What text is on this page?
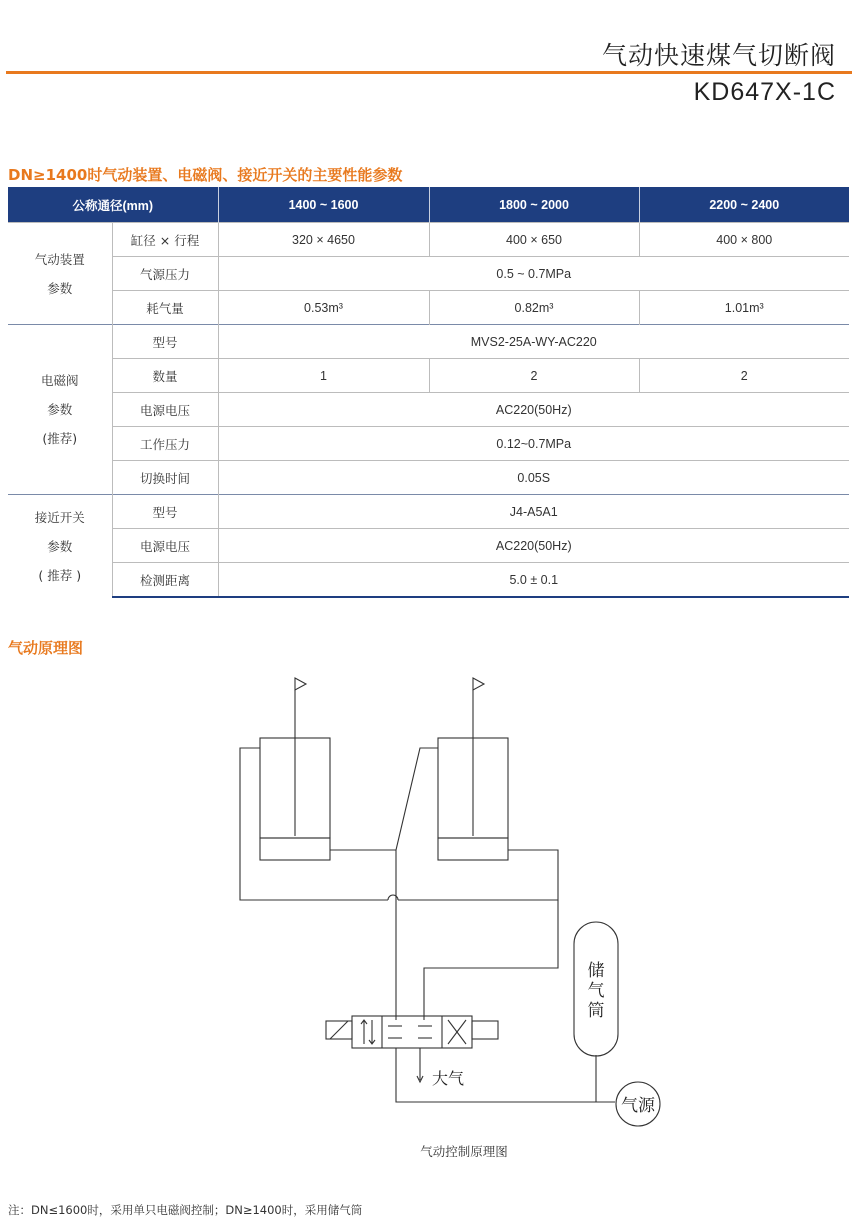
气动快速煤气切断阀
KD647X-1C
DN≥1400时气动装置、电磁阀、接近开关的主要性能参数
公称通径(mm)		1400 ~ 1600	1800 ~ 2000	2200 ~ 2400

气动装置
参数	缸径 × 行程	320 × 4650	400 × 650	400 × 800
	气源压力	0.5 ~ 0.7MPa		
	耗气量	0.53m³	0.82m³	1.01m³

电磁阀
参数
(推荐)	型号	MVS2-25A-WY-AC220		
	数量	1	2	2
	电源电压	AC220(50Hz)		
	工作压力	0.12~0.7MPa		
	切换时间	0.05S		

接近开关
参数
( 推荐 )	型号	J4-A5A1		
	电源电压	AC220(50Hz)		
	检测距离	5.0 ± 0.1		
气动原理图
储
气
筒
气源
大气
气动控制原理图
注：DN≤1600时，采用单只电磁阀控制；DN≥1400时，采用储气筒
